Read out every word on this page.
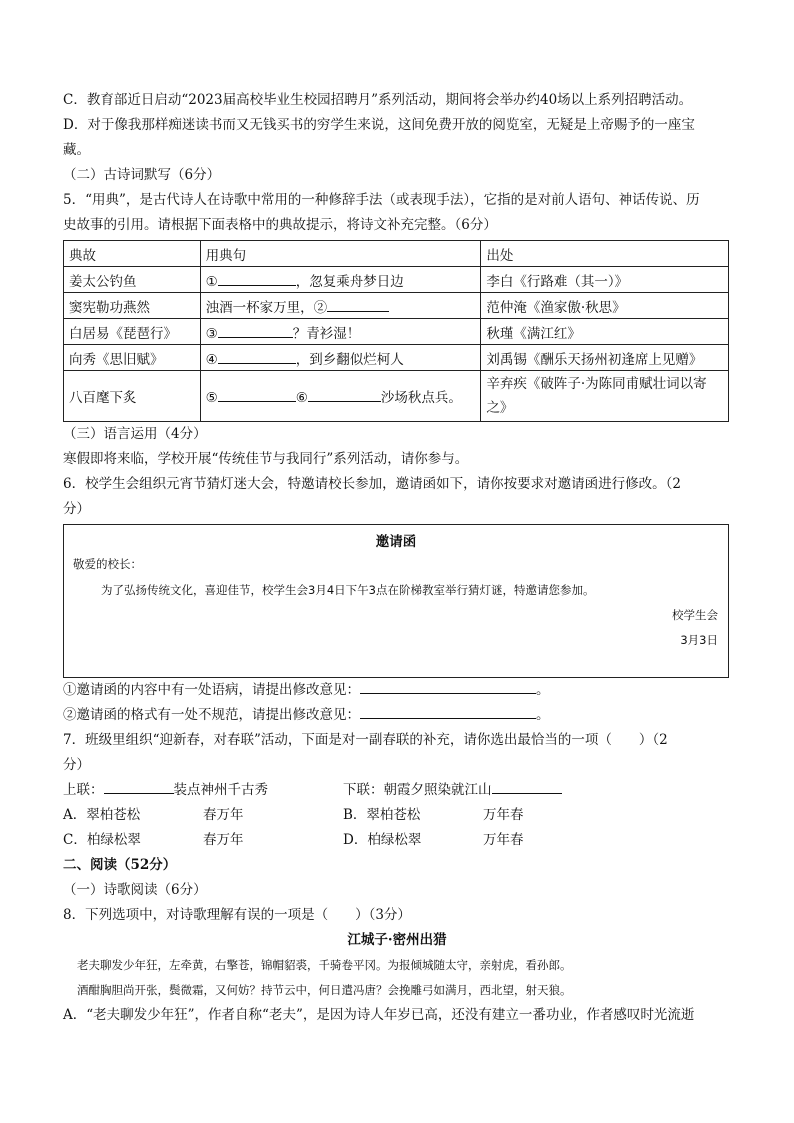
C．教育部近日启动“2023届高校毕业生校园招聘月”系列活动，期间将会举办约40场以上系列招聘活动。

D．对于像我那样痴迷读书而又无钱买书的穷学生来说，这间免费开放的阅览室，无疑是上帝赐予的一座宝

藏。

（二）古诗词默写（6分）

5．“用典”，是古代诗人在诗歌中常用的一种修辞手法（或表现手法），它指的是对前人语句、神话传说、历

史故事的引用。请根据下面表格中的典故提示，将诗文补充完整。（6分）

典故	用典句	出处
姜太公钓鱼	① ，忽复乘舟梦日边	李白《行路难（其一）》
窦宪勒功燕然	浊酒一杯家万里，②	范仲淹《渔家傲·秋思》
白居易《琵琶行》	③ ？青衫湿！	秋瑾《满江红》
向秀《思旧赋》	④ ，到乡翻似烂柯人	刘禹锡《酬乐天扬州初逢席上见赠》
八百麾下炙	⑤ ⑥ 沙场秋点兵。	辛弃疾《破阵子·为陈同甫赋壮词以寄之》

（三）语言运用（4分）

寒假即将来临，学校开展“传统佳节与我同行”系列活动，请你参与。

6．校学生会组织元宵节猜灯迷大会，特邀请校长参加，邀请函如下，请你按要求对邀请函进行修改。（2

分）

邀请函
敬爱的校长：
为了弘扬传统文化，喜迎佳节，校学生会3月4日下午3点在阶梯教室举行猜灯谜，特邀请您参加。
校学生会
3月3日

①邀请函的内容中有一处语病，请提出修改意见：	。

②邀请函的格式有一处不规范，请提出修改意见：	。

7．班级里组织“迎新春，对春联”活动，下面是对一副春联的补充，请你选出最恰当的一项（　　）（2

分）

上联：	装点神州千古秀	下联：朝霞夕照染就江山
A．翠柏苍松	春万年	B．翠柏苍松	万年春
C．柏绿松翠	春万年	D．柏绿松翠	万年春

二、阅读（52分）

（一）诗歌阅读（6分）

8．下列选项中，对诗歌理解有误的一项是（　　）（3分）

江城子·密州出猎

老夫聊发少年狂，左牵黄，右擎苍，锦帽貂裘，千骑卷平冈。为报倾城随太守，亲射虎，看孙郎。

酒酣胸胆尚开张，鬓微霜，又何妨？持节云中，何日遣冯唐？会挽雕弓如满月，西北望，射天狼。

A．“老夫聊发少年狂”，作者自称“老夫”，是因为诗人年岁已高，还没有建立一番功业，作者感叹时光流逝
